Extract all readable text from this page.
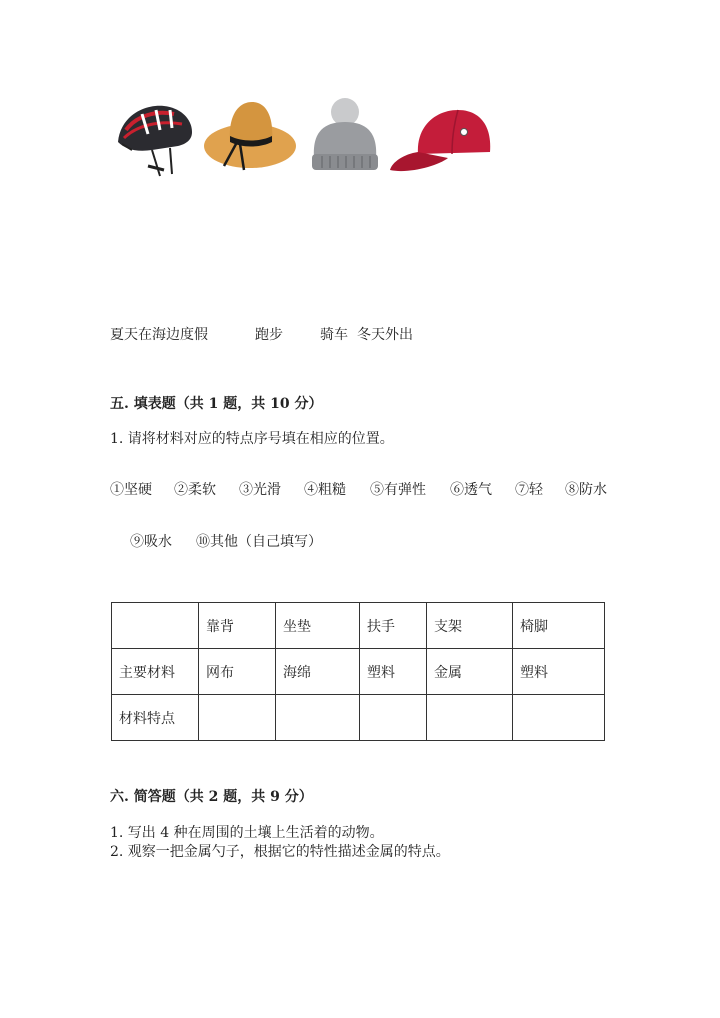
夏天在海边度假	跑步	骑车 冬天外出
五. 填表题（共 1 题，共 10 分）
1. 请将材料对应的特点序号填在相应的位置。
①坚硬 ②柔软 ③光滑 ④粗糙 ⑤有弹性 ⑥透气 ⑦轻 ⑧防水
⑨吸水 ⑩其他（自己填写）
	靠背	坐垫	扶手	支架	椅脚
主要材料	网布	海绵	塑料	金属	塑料
材料特点					
六. 简答题（共 2 题，共 9 分）
1. 写出 4 种在周围的土壤上生活着的动物。
2. 观察一把金属勺子，根据它的特性描述金属的特点。
